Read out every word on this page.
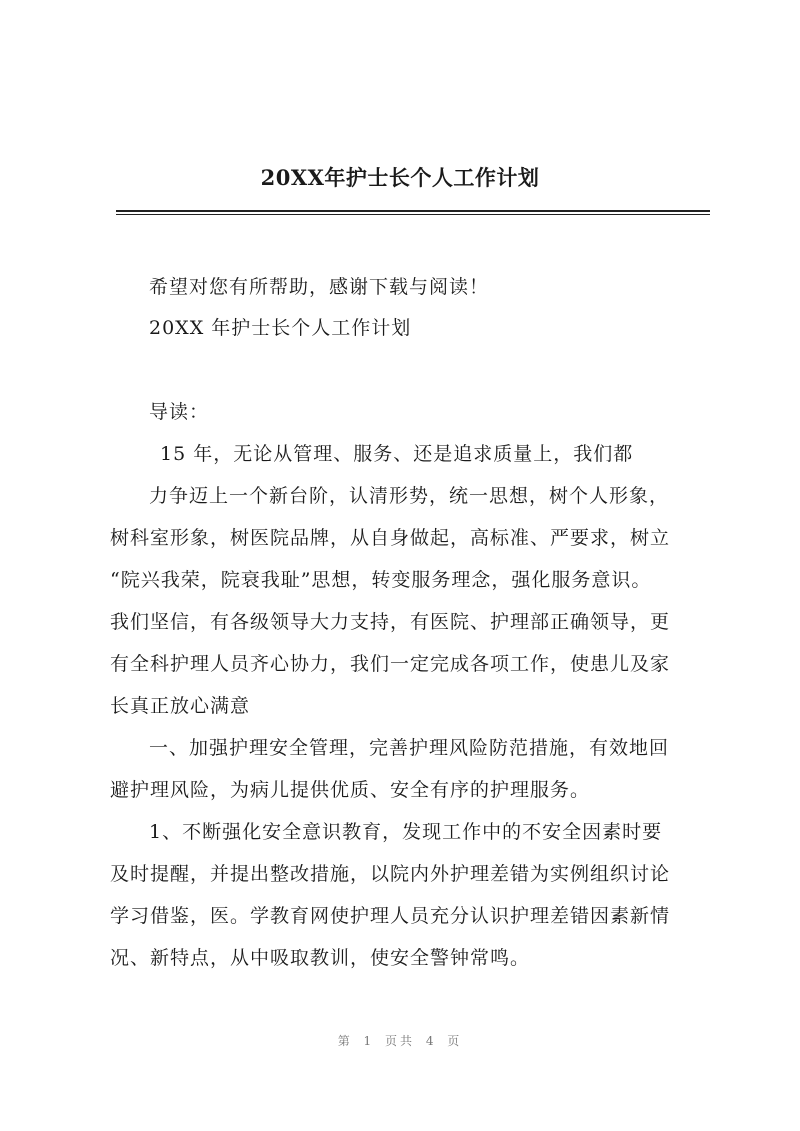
20XX年护士长个人工作计划
希望对您有所帮助，感谢下载与阅读！
20XX 年护士长个人工作计划
导读：
15 年，无论从管理、服务、还是追求质量上，我们都
力争迈上一个新台阶，认清形势，统一思想，树个人形象，
树科室形象，树医院品牌，从自身做起，高标准、严要求，树立
“院兴我荣，院衰我耻”思想，转变服务理念，强化服务意识。
我们坚信，有各级领导大力支持，有医院、护理部正确领导，更
有全科护理人员齐心协力，我们一定完成各项工作，使患儿及家
长真正放心满意
一、加强护理安全管理，完善护理风险防范措施，有效地回
避护理风险，为病儿提供优质、安全有序的护理服务。
1、不断强化安全意识教育，发现工作中的不安全因素时要
及时提醒，并提出整改措施，以院内外护理差错为实例组织讨论
学习借鉴，医。学教育网使护理人员充分认识护理差错因素新情
况、新特点，从中吸取教训，使安全警钟常鸣。
第 1 页共 4 页
